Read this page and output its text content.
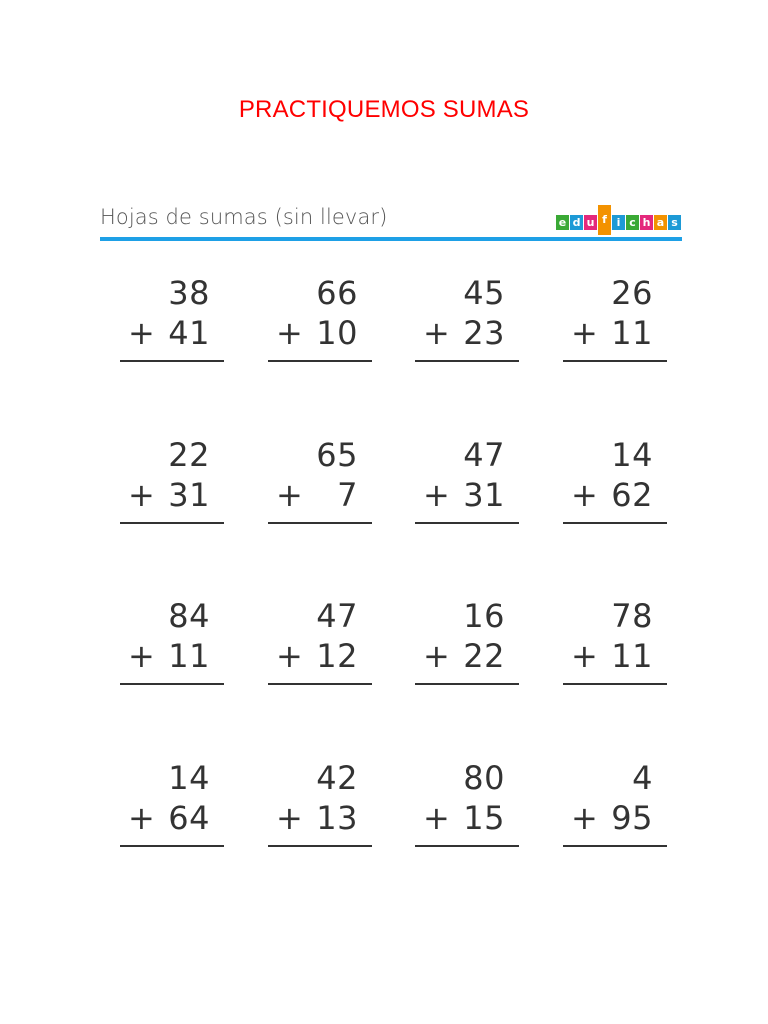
PRACTIQUEMOS SUMAS
Hojas de sumas (sin llevar)	e d u f i c h a s
38
+ 41
66
+ 10
45
+ 23
26
+ 11
22
+ 31
65
+ 7
47
+ 31
14
+ 62
84
+ 11
47
+ 12
16
+ 22
78
+ 11
14
+ 64
42
+ 13
80
+ 15
4
+ 95
